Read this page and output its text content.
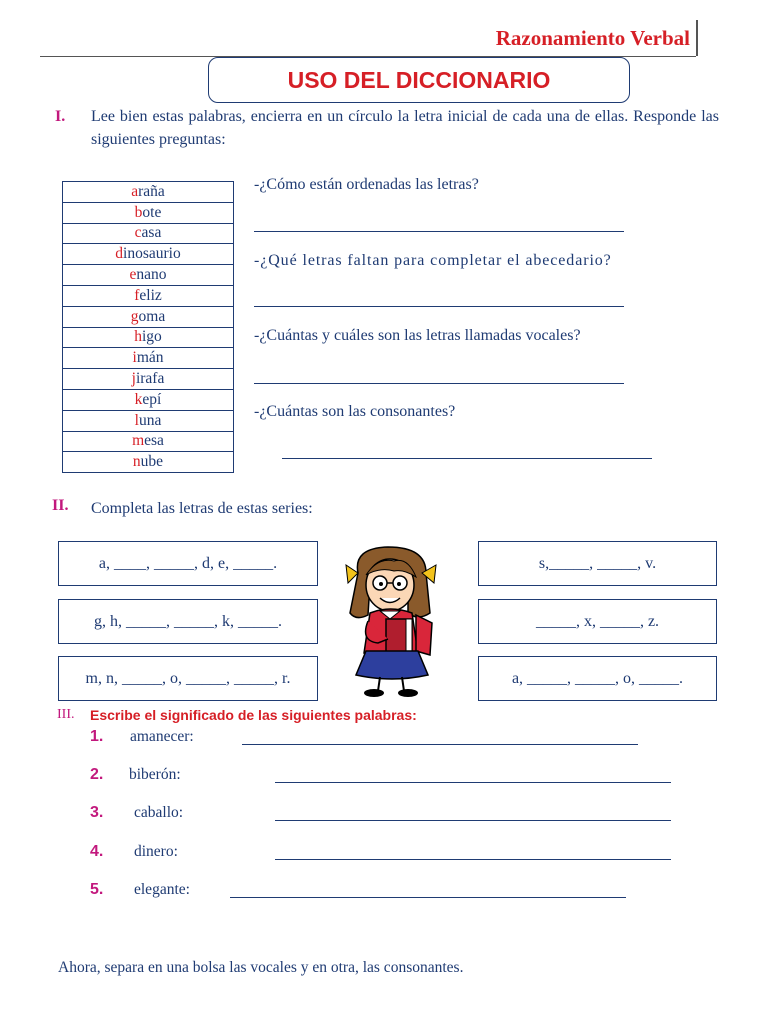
Razonamiento Verbal
USO DEL DICCIONARIO
I. Lee bien estas palabras, encierra en un círculo la letra inicial de cada una de ellas. Responde las siguientes preguntas:
araña
bote
casa
dinosaurio
enano
feliz
goma
higo
imán
jirafa
kepí
luna
mesa
nube
-¿Cómo están ordenadas las letras?
-¿Qué letras faltan para completar el abecedario?
-¿Cuántas y cuáles son las letras llamadas vocales?
-¿Cuántas son las consonantes?
II. Completa las letras de estas series:
a, ____, _____, d, e, _____.
g, h, _____, _____, k, _____.
m, n, _____, o, _____, _____, r.
s,_____, _____, v.
_____, x, _____, z.
a, _____, _____, o, _____.
III. Escribe el significado de las siguientes palabras:
1. amanecer:
2. biberón:
3. caballo:
4. dinero:
5. elegante:
Ahora, separa en una bolsa las vocales y en otra, las consonantes.
